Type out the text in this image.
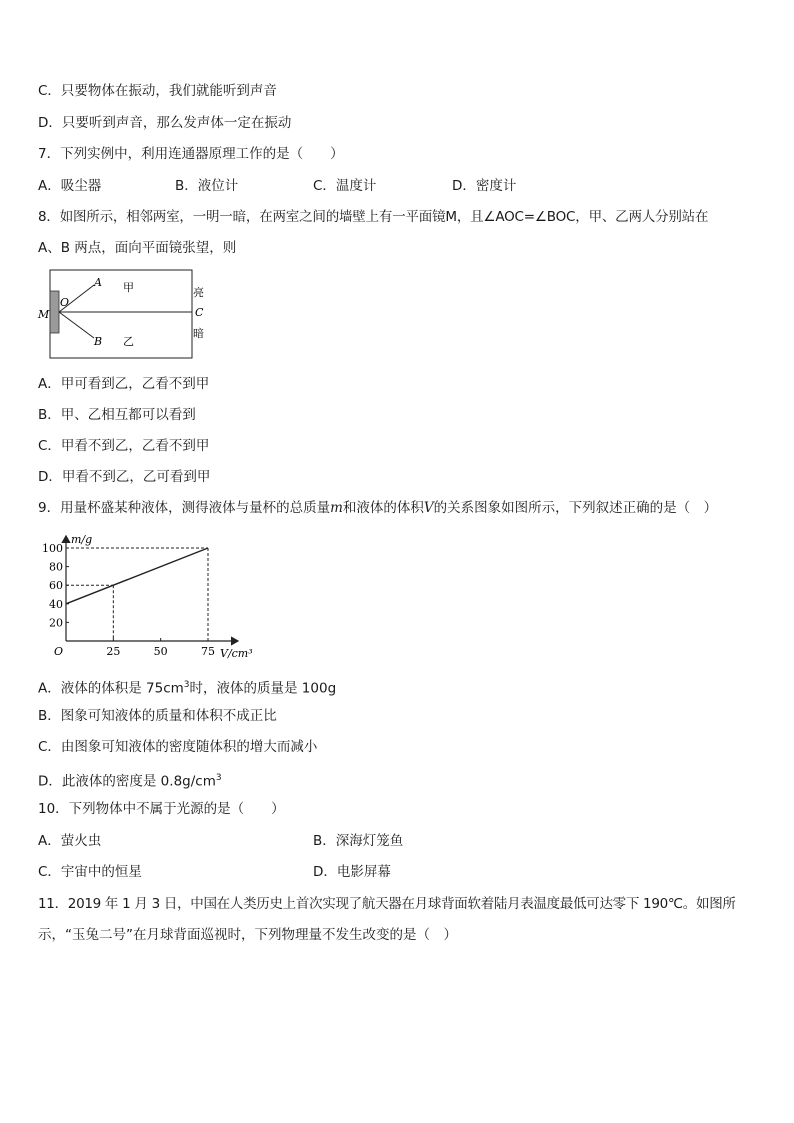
C．只要物体在振动，我们就能听到声音
D．只要听到声音，那么发声体一定在振动
7．下列实例中，利用连通器原理工作的是（　　）
A．吸尘器	B．液位计	C．温度计	D．密度计
8．如图所示，相邻两室，一明一暗，在两室之间的墙壁上有一平面镜M，且∠AOC=∠BOC，甲、乙两人分别站在
A、B 两点，面向平面镜张望，则
M
O
A
B
甲
乙
亮
C
暗
A．甲可看到乙，乙看不到甲
B．甲、乙相互都可以看到
C．甲看不到乙，乙看不到甲
D．甲看不到乙，乙可看到甲
9．用量杯盛某种液体，测得液体与量杯的总质量m和液体的体积V的关系图象如图所示，下列叙述正确的是（　）
20
40
60
80
100
25	50	75
m/g
V/cm³
O
A．液体的体积是 $75cm^3$时，液体的质量是 100g
B．图象可知液体的质量和体积不成正比
C．由图象可知液体的密度随体积的增大而减小
D．此液体的密度是 $0.8g/cm^3$
10．下列物体中不属于光源的是（　　）
A．萤火虫	B．深海灯笼鱼
C．宇宙中的恒星	D．电影屏幕
11．2019 年 1 月 3 日，中国在人类历史上首次实现了航天器在月球背面软着陆月表温度最低可达零下 190℃。如图所
示，“玉兔二号”在月球背面巡视时，下列物理量不发生改变的是（　）
